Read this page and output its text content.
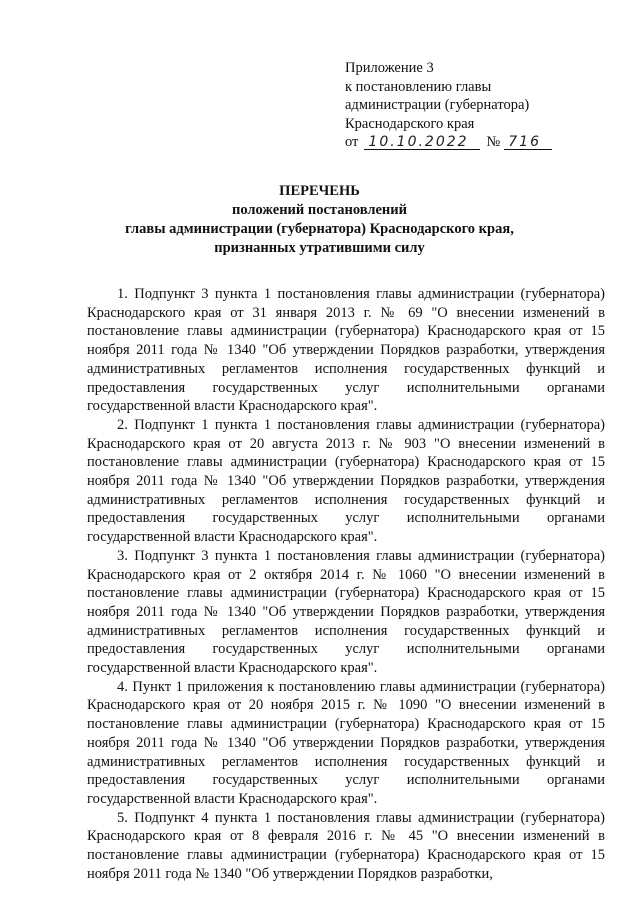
Приложение 3
к постановлению главы
администрации (губернатора)
Краснодарского края
от 10.10.2022	№ 716
ПЕРЕЧЕНЬ
положений постановлений
главы администрации (губернатора) Краснодарского края,
признанных утратившими силу

1. Подпункт 3 пункта 1 постановления главы администрации (губернатора) Краснодарского края от 31 января 2013 г. № 69 "О внесении изменений в постановление главы администрации (губернатора) Краснодарского края от 15 ноября 2011 года № 1340 "Об утверждении Порядков разработки, утверждения административных регламентов исполнения государственных функций и предоставления государственных услуг исполнительными органами государственной власти Краснодарского края".

2. Подпункт 1 пункта 1 постановления главы администрации (губернатора) Краснодарского края от 20 августа 2013 г. № 903 "О внесении изменений в постановление главы администрации (губернатора) Краснодарского края от 15 ноября 2011 года № 1340 "Об утверждении Порядков разработки, утверждения административных регламентов исполнения государственных функций и предоставления государственных услуг исполнительными органами государственной власти Краснодарского края".

3. Подпункт 3 пункта 1 постановления главы администрации (губернатора) Краснодарского края от 2 октября 2014 г. № 1060 "О внесении изменений в постановление главы администрации (губернатора) Краснодарского края от 15 ноября 2011 года № 1340 "Об утверждении Порядков разработки, утверждения административных регламентов исполнения государственных функций и предоставления государственных услуг исполнительными органами государственной власти Краснодарского края".

4. Пункт 1 приложения к постановлению главы администрации (губернатора) Краснодарского края от 20 ноября 2015 г. № 1090 "О внесении изменений в постановление главы администрации (губернатора) Краснодарского края от 15 ноября 2011 года № 1340 "Об утверждении Порядков разработки, утверждения административных регламентов исполнения государственных функций и предоставления государственных услуг исполнительными органами государственной власти Краснодарского края".

5. Подпункт 4 пункта 1 постановления главы администрации (губернатора) Краснодарского края от 8 февраля 2016 г. № 45 "О внесении изменений в постановление главы администрации (губернатора) Краснодарского края от 15 ноября 2011 года № 1340 "Об утверждении Порядков разработки,
